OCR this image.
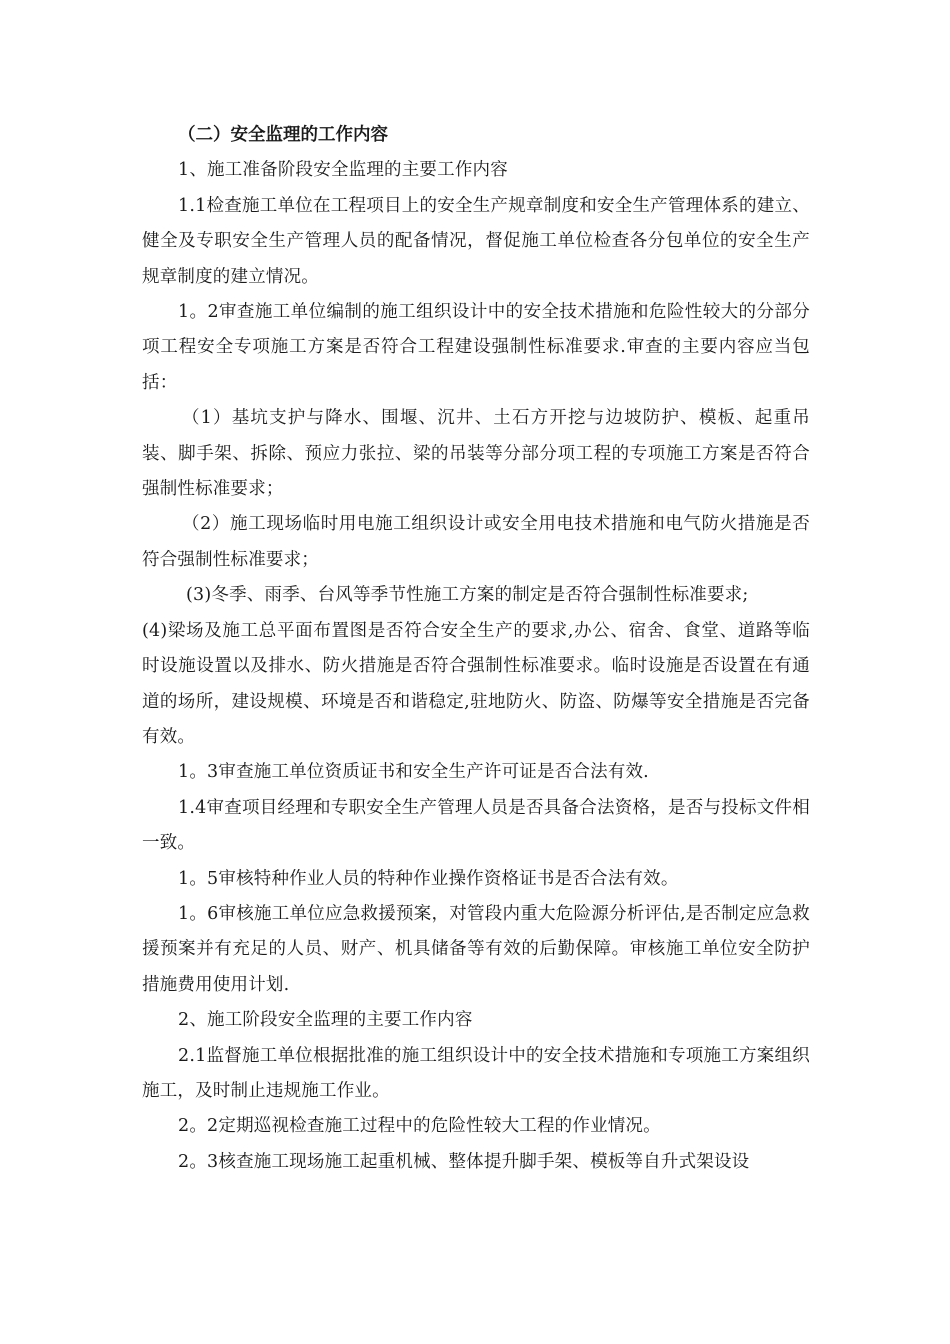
（二）安全监理的工作内容

1、施工准备阶段安全监理的主要工作内容

1.1检查施工单位在工程项目上的安全生产规章制度和安全生产管理体系的建立、健全及专职安全生产管理人员的配备情况，督促施工单位检查各分包单位的安全生产规章制度的建立情况。

1。2审查施工单位编制的施工组织设计中的安全技术措施和危险性较大的分部分项工程安全专项施工方案是否符合工程建设强制性标准要求.审查的主要内容应当包括：

（1）基坑支护与降水、围堰、沉井、土石方开挖与边坡防护、模板、起重吊装、脚手架、拆除、预应力张拉、梁的吊装等分部分项工程的专项施工方案是否符合强制性标准要求；

（2）施工现场临时用电施工组织设计或安全用电技术措施和电气防火措施是否符合强制性标准要求；

(3)冬季、雨季、台风等季节性施工方案的制定是否符合强制性标准要求;

(4)梁场及施工总平面布置图是否符合安全生产的要求,办公、宿舍、食堂、道路等临时设施设置以及排水、防火措施是否符合强制性标准要求。临时设施是否设置在有通道的场所，建设规模、环境是否和谐稳定,驻地防火、防盗、防爆等安全措施是否完备有效。

1。3审查施工单位资质证书和安全生产许可证是否合法有效.

1.4审查项目经理和专职安全生产管理人员是否具备合法资格，是否与投标文件相一致。

1。5审核特种作业人员的特种作业操作资格证书是否合法有效。

1。6审核施工单位应急救援预案，对管段内重大危险源分析评估,是否制定应急救援预案并有充足的人员、财产、机具储备等有效的后勤保障。审核施工单位安全防护措施费用使用计划.

2、施工阶段安全监理的主要工作内容

2.1监督施工单位根据批准的施工组织设计中的安全技术措施和专项施工方案组织施工，及时制止违规施工作业。

2。2定期巡视检查施工过程中的危险性较大工程的作业情况。

2。3核查施工现场施工起重机械、整体提升脚手架、模板等自升式架设设
